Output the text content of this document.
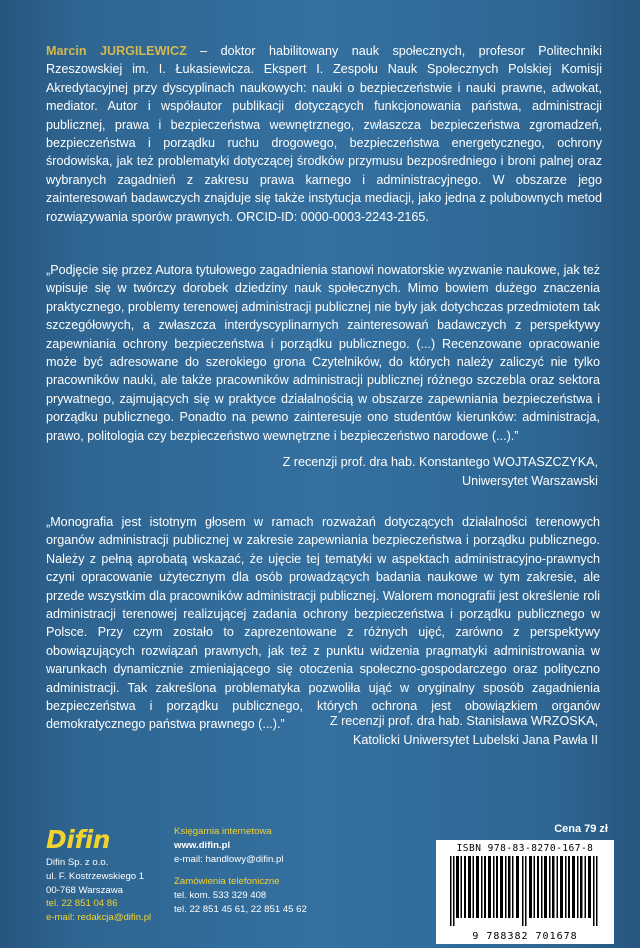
Marcin JURGILEWICZ – doktor habilitowany nauk społecznych, profesor Politechniki Rzeszowskiej im. I. Łukasiewicza. Ekspert I. Zespołu Nauk Społecznych Polskiej Komisji Akredytacyjnej przy dyscyplinach naukowych: nauki o bezpieczeństwie i nauki prawne, adwokat, mediator. Autor i współautor publikacji dotyczących funkcjonowania państwa, administracji publicznej, prawa i bezpieczeństwa wewnętrznego, zwłaszcza bezpieczeństwa zgromadzeń, bezpieczeństwa i porządku ruchu drogowego, bezpieczeństwa energetycznego, ochrony środowiska, jak też problematyki dotyczącej środków przymusu bezpośredniego i broni palnej oraz wybranych zagadnień z zakresu prawa karnego i administracyjnego. W obszarze jego zainteresowań badawczych znajduje się także instytucja mediacji, jako jedna z polubownych metod rozwiązywania sporów prawnych. ORCID-ID: 0000-0003-2243-2165.
„Podjęcie się przez Autora tytułowego zagadnienia stanowi nowatorskie wyzwanie naukowe, jak też wpisuje się w twórczy dorobek dziedziny nauk społecznych. Mimo bowiem dużego znaczenia praktycznego, problemy terenowej administracji publicznej nie były jak dotychczas przedmiotem tak szczegółowych, a zwłaszcza interdyscyplinarnych zainteresowań badawczych z perspektywy zapewniania ochrony bezpieczeństwa i porządku publicznego. (...) Recenzowane opracowanie może być adresowane do szerokiego grona Czytelników, do których należy zaliczyć nie tylko pracowników nauki, ale także pracowników administracji publicznej różnego szczebla oraz sektora prywatnego, zajmujących się w praktyce działalnością w obszarze zapewniania bezpieczeństwa i porządku publicznego. Ponadto na pewno zainteresuje ono studentów kierunków: administracja, prawo, politologia czy bezpieczeństwo wewnętrzne i bezpieczeństwo narodowe (...).”
Z recenzji prof. dra hab. Konstantego WOJTASZCZYKA,
Uniwersytet Warszawski
„Monografia jest istotnym głosem w ramach rozważań dotyczących działalności terenowych organów administracji publicznej w zakresie zapewniania bezpieczeństwa i porządku publicznego. Należy z pełną aprobatą wskazać, że ujęcie tej tematyki w aspektach administracyjno-prawnych czyni opracowanie użytecznym dla osób prowadzących badania naukowe w tym zakresie, ale przede wszystkim dla pracowników administracji publicznej. Walorem monografii jest określenie roli administracji terenowej realizującej zadania ochrony bezpieczeństwa i porządku publicznego w Polsce. Przy czym zostało to zaprezentowane z różnych ujęć, zarówno z perspektywy obowiązujących rozwiązań prawnych, jak też z punktu widzenia pragmatyki administrowania w warunkach dynamicznie zmieniającego się otoczenia społeczno-gospodarczego oraz polityczno administracji. Tak zakreślona problematyka pozwoliła ująć w oryginalny sposób zagadnienia bezpieczeństwa i porządku publicznego, których ochrona jest obowiązkiem organów demokratycznego państwa prawnego (...).”	Z recenzji prof. dra hab. Stanisława WRZOSKA,
Katolicki Uniwersytet Lubelski Jana Pawła II
Difin
Difin Sp. z o.o.
ul. F. Kostrzewskiego 1
00-768 Warszawa
tel. 22 851 04 86
e-mail: redakcja@difin.pl
Księgarnia internetowa
www.difin.pl
e-mail: handlowy@difin.pl
Zamówienia telefoniczne
tel. kom. 533 329 408
tel. 22 851 45 61, 22 851 45 62
Cena 79 zł
ISBN 978-83-8270-167-8
9 788382 701678
